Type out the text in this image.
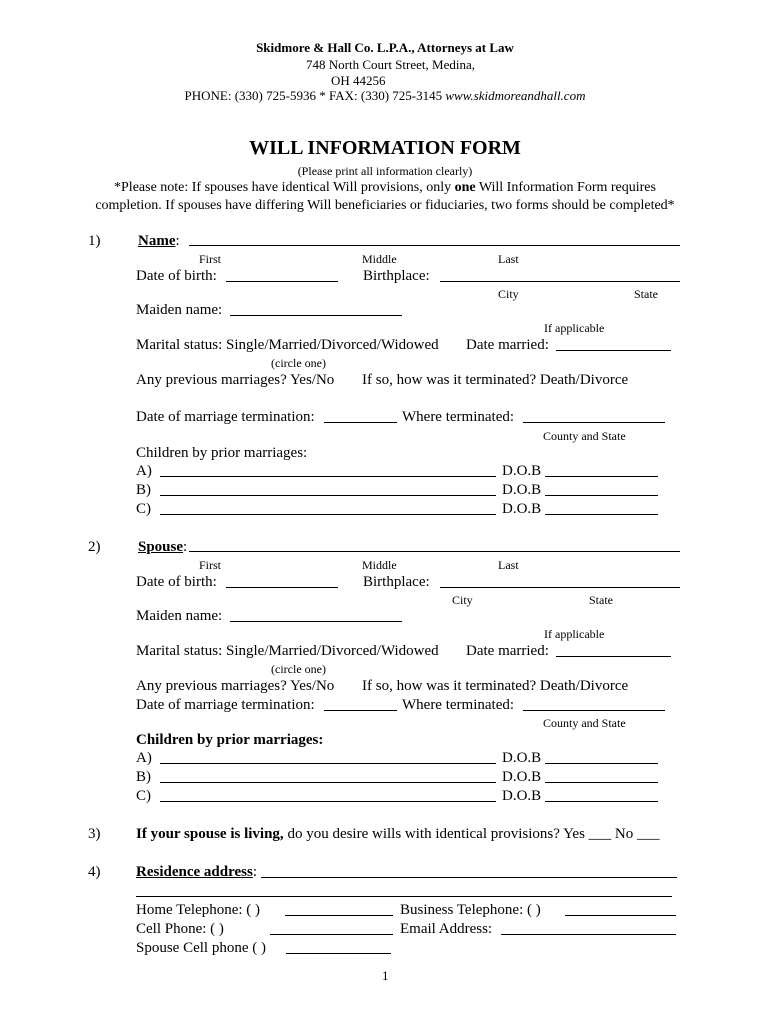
Skidmore & Hall Co. L.P.A., Attorneys at Law
748 North Court Street, Medina,
OH 44256
PHONE: (330) 725-5936 * FAX: (330) 725-3145 www.skidmoreandhall.com
WILL INFORMATION FORM
(Please print all information clearly)
*Please note: If spouses have identical Will provisions, only one Will Information Form requires
completion. If spouses have differing Will beneficiaries or fiduciaries, two forms should be completed*
1)	Name:
First	Middle	Last
Date of birth:	Birthplace:
City	State
Maiden name:
If applicable
Marital status: Single/Married/Divorced/Widowed Date married:
(circle one)
Any previous marriages? Yes/No If so, how was it terminated? Death/Divorce
Date of marriage termination:	Where terminated:
County and State
Children by prior marriages:
A)	D.O.B
B)	D.O.B
C)	D.O.B
2)	Spouse:
First	Middle	Last
Date of birth:	Birthplace:
City	State
Maiden name:
If applicable
Marital status: Single/Married/Divorced/Widowed Date married:
(circle one)
Any previous marriages? Yes/No If so, how was it terminated? Death/Divorce
Date of marriage termination:	Where terminated:
County and State
Children by prior marriages:
A)	D.O.B
B)	D.O.B
C)	D.O.B
3) If your spouse is living, do you desire wills with identical provisions? Yes ___ No ___
4) Residence address:
Home Telephone: ( )	Business Telephone: ( )
Cell Phone: ( )	Email Address:
Spouse Cell phone ( )
1
